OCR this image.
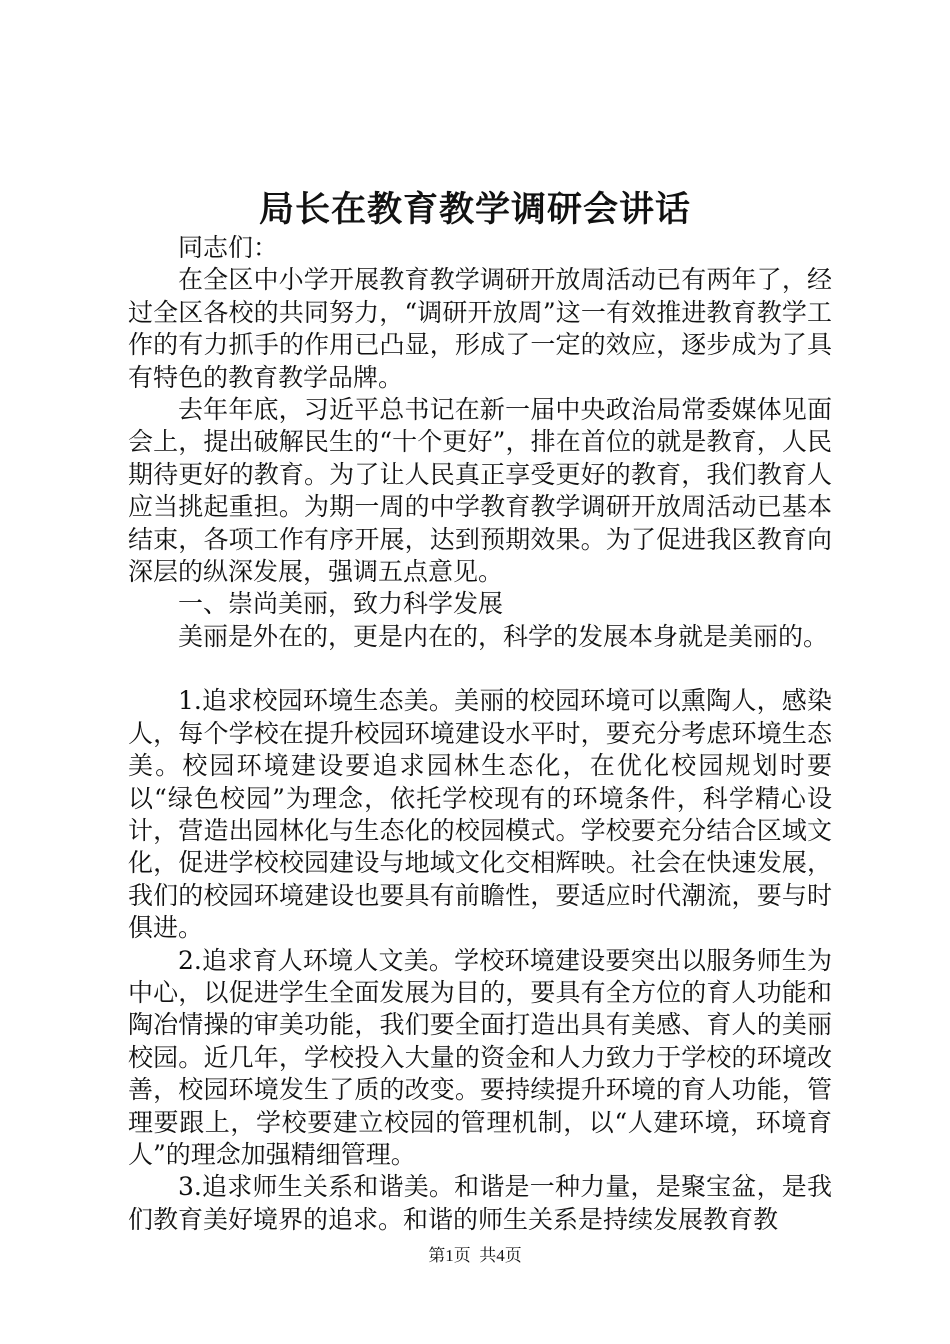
局长在教育教学调研会讲话

同志们：

在全区中小学开展教育教学调研开放周活动已有两年了，经过全区各校的共同努力，“调研开放周”这一有效推进教育教学工作的有力抓手的作用已凸显，形成了一定的效应，逐步成为了具有特色的教育教学品牌。

去年年底，习近平总书记在新一届中央政治局常委媒体见面会上，提出破解民生的“十个更好”，排在首位的就是教育，人民期待更好的教育。为了让人民真正享受更好的教育，我们教育人应当挑起重担。为期一周的中学教育教学调研开放周活动已基本结束，各项工作有序开展，达到预期效果。为了促进我区教育向深层的纵深发展，强调五点意见。

一、崇尚美丽，致力科学发展

美丽是外在的，更是内在的，科学的发展本身就是美丽的。

1.追求校园环境生态美。美丽的校园环境可以熏陶人，感染人，每个学校在提升校园环境建设水平时，要充分考虑环境生态美。校园环境建设要追求园林生态化，在优化校园规划时要以“绿色校园”为理念，依托学校现有的环境条件，科学精心设计，营造出园林化与生态化的校园模式。学校要充分结合区域文化，促进学校校园建设与地域文化交相辉映。社会在快速发展，我们的校园环境建设也要具有前瞻性，要适应时代潮流，要与时俱进。

2.追求育人环境人文美。学校环境建设要突出以服务师生为中心，以促进学生全面发展为目的，要具有全方位的育人功能和陶冶情操的审美功能，我们要全面打造出具有美感、育人的美丽校园。近几年，学校投入大量的资金和人力致力于学校的环境改善，校园环境发生了质的改变。要持续提升环境的育人功能，管理要跟上，学校要建立校园的管理机制，以“人建环境，环境育人”的理念加强精细管理。

3.追求师生关系和谐美。和谐是一种力量，是聚宝盆，是我们教育美好境界的追求。和谐的师生关系是持续发展教育教

第1页 共4页
